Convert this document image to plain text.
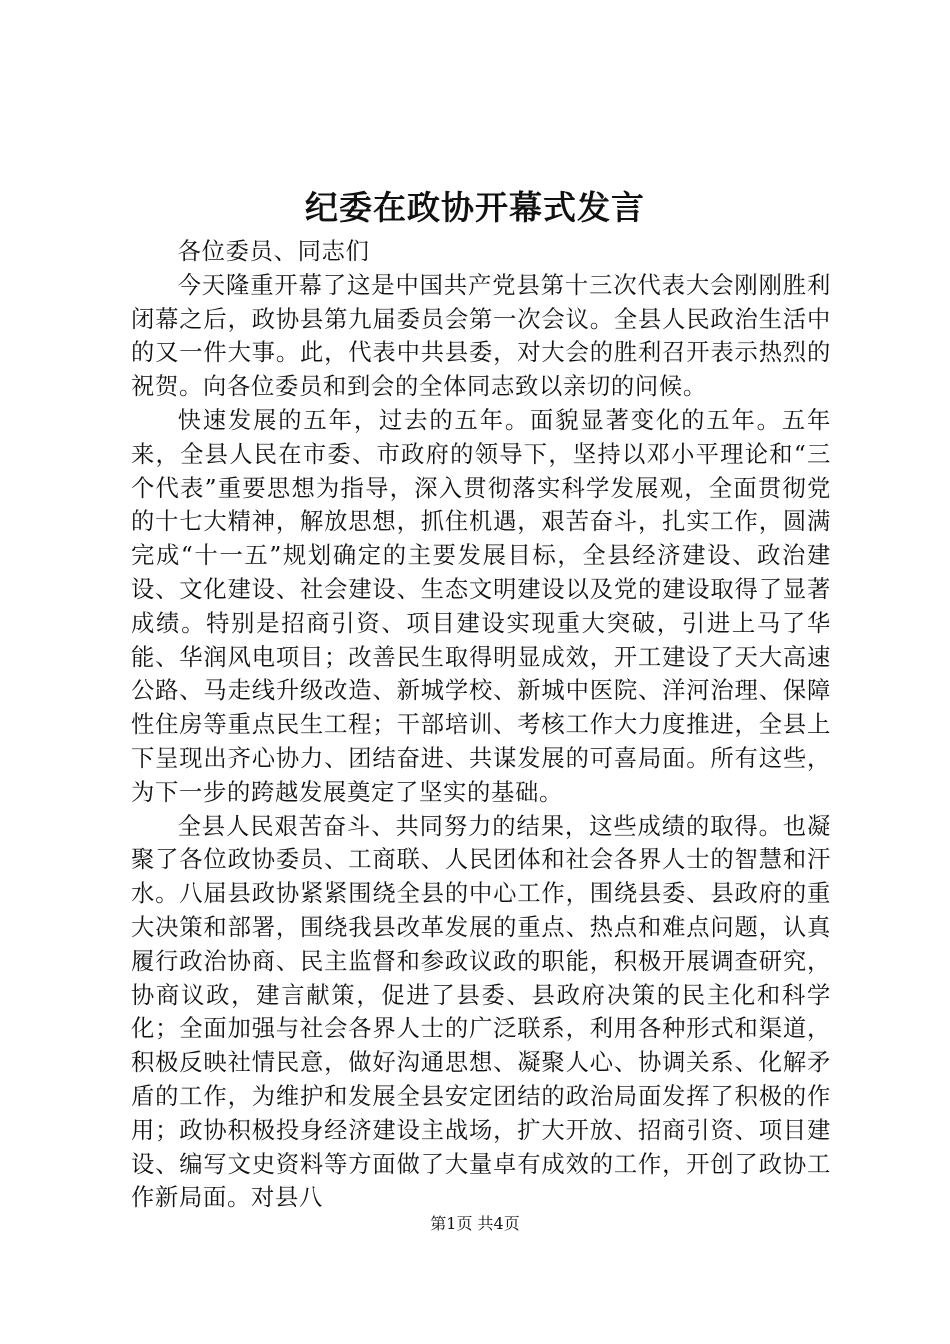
纪委在政协开幕式发言

各位委员、同志们

今天隆重开幕了这是中国共产党县第十三次代表大会刚刚胜利闭幕之后，政协县第九届委员会第一次会议。全县人民政治生活中的又一件大事。此，代表中共县委，对大会的胜利召开表示热烈的祝贺。向各位委员和到会的全体同志致以亲切的问候。

快速发展的五年，过去的五年。面貌显著变化的五年。五年来，全县人民在市委、市政府的领导下，坚持以邓小平理论和“三个代表”重要思想为指导，深入贯彻落实科学发展观，全面贯彻党的十七大精神，解放思想，抓住机遇，艰苦奋斗，扎实工作，圆满完成“十一五”规划确定的主要发展目标，全县经济建设、政治建设、文化建设、社会建设、生态文明建设以及党的建设取得了显著成绩。特别是招商引资、项目建设实现重大突破，引进上马了华能、华润风电项目；改善民生取得明显成效，开工建设了天大高速公路、马走线升级改造、新城学校、新城中医院、洋河治理、保障性住房等重点民生工程；干部培训、考核工作大力度推进，全县上下呈现出齐心协力、团结奋进、共谋发展的可喜局面。所有这些，为下一步的跨越发展奠定了坚实的基础。

全县人民艰苦奋斗、共同努力的结果，这些成绩的取得。也凝聚了各位政协委员、工商联、人民团体和社会各界人士的智慧和汗水。八届县政协紧紧围绕全县的中心工作，围绕县委、县政府的重大决策和部署，围绕我县改革发展的重点、热点和难点问题，认真履行政治协商、民主监督和参政议政的职能，积极开展调查研究，协商议政，建言献策，促进了县委、县政府决策的民主化和科学化；全面加强与社会各界人士的广泛联系，利用各种形式和渠道，积极反映社情民意，做好沟通思想、凝聚人心、协调关系、化解矛盾的工作，为维护和发展全县安定团结的政治局面发挥了积极的作用；政协积极投身经济建设主战场，扩大开放、招商引资、项目建设、编写文史资料等方面做了大量卓有成效的工作，开创了政协工作新局面。对县八

第1页 共4页
